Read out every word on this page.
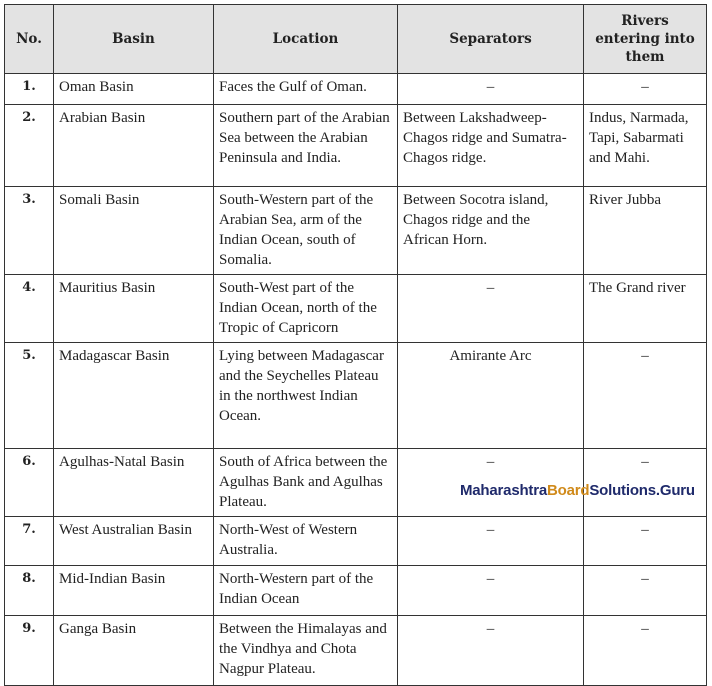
No.	Basin	Location	Separators	Rivers entering into them
1.	Oman Basin	Faces the Gulf of Oman.	–	–
2.	Arabian Basin	Southern part of the Arabian Sea between the Arabian Peninsula and India.	Between Lakshadweep-Chagos ridge and Sumatra-Chagos ridge.	Indus, Narmada, Tapi, Sabarmati and Mahi.
3.	Somali Basin	South-Western part of the Arabian Sea, arm of the Indian Ocean, south of Somalia.	Between Socotra island, Chagos ridge and the African Horn.	River Jubba
4.	Mauritius Basin	South-West part of the Indian Ocean, north of the Tropic of Capricorn	–	The Grand river
5.	Madagascar Basin	Lying between Madagascar and the Seychelles Plateau in the northwest Indian Ocean.	Amirante Arc	–
6.	Agulhas-Natal Basin	South of Africa between the Agulhas Bank and Agulhas Plateau.	–	–
7.	West Australian Basin	North-West of Western Australia.	–	–
8.	Mid-Indian Basin	North-Western part of the Indian Ocean	–	–
9.	Ganga Basin	Between the Himalayas and the Vindhya and Chota Nagpur Plateau.	–	–
MaharashtraBoardSolutions.Guru
